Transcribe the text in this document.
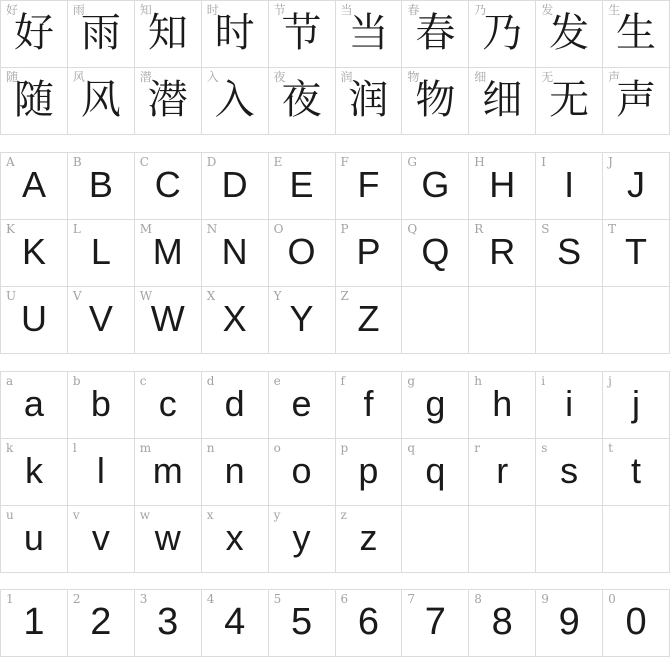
好
好
雨
雨
知
知
时
时
节
节
当
当
春
春
乃
乃
发
发
生
生
随
随
风
风
潜
潜
入
入
夜
夜
润
润
物
物
细
细
无
无
声
声
A
A
B
B
C
C
D
D
E
E
F
F
G
G
H
H
I
I
J
J
K
K
L
L
M
M
N
N
O
O
P
P
Q
Q
R
R
S
S
T
T
U
U
V
V
W
W
X
X
Y
Y
Z
Z
a
a
b
b
c
c
d
d
e
e
f
f
g
g
h
h
i
i
j
j
k
k
l
l
m
m
n
n
o
o
p
p
q
q
r
r
s
s
t
t
u
u
v
v
w
w
x
x
y
y
z
z
1
1
2
2
3
3
4
4
5
5
6
6
7
7
8
8
9
9
0
0
